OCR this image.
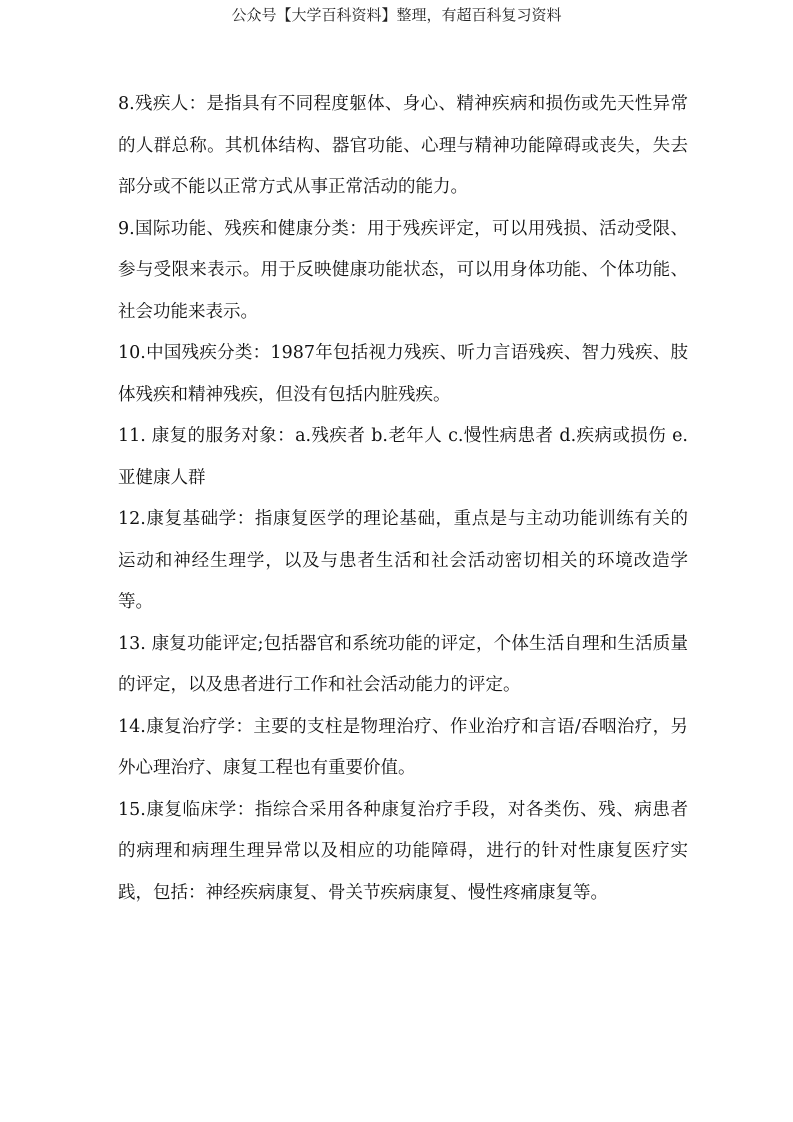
公众号【大学百科资料】整理，有超百科复习资料

8.残疾人：是指具有不同程度躯体、身心、精神疾病和损伤或先天性异常的人群总称。其机体结构、器官功能、心理与精神功能障碍或丧失，失去部分或不能以正常方式从事正常活动的能力。

9.国际功能、残疾和健康分类：用于残疾评定，可以用残损、活动受限、参与受限来表示。用于反映健康功能状态，可以用身体功能、个体功能、社会功能来表示。

10.中国残疾分类：1987年包括视力残疾、听力言语残疾、智力残疾、肢体残疾和精神残疾，但没有包括内脏残疾。

11. 康复的服务对象：a.残疾者 b.老年人 c.慢性病患者 d.疾病或损伤 e.亚健康人群

12.康复基础学：指康复医学的理论基础，重点是与主动功能训练有关的运动和神经生理学，以及与患者生活和社会活动密切相关的环境改造学等。

13. 康复功能评定;包括器官和系统功能的评定，个体生活自理和生活质量的评定，以及患者进行工作和社会活动能力的评定。

14.康复治疗学：主要的支柱是物理治疗、作业治疗和言语/吞咽治疗，另外心理治疗、康复工程也有重要价值。

15.康复临床学：指综合采用各种康复治疗手段，对各类伤、残、病患者的病理和病理生理异常以及相应的功能障碍，进行的针对性康复医疗实践，包括：神经疾病康复、骨关节疾病康复、慢性疼痛康复等。
